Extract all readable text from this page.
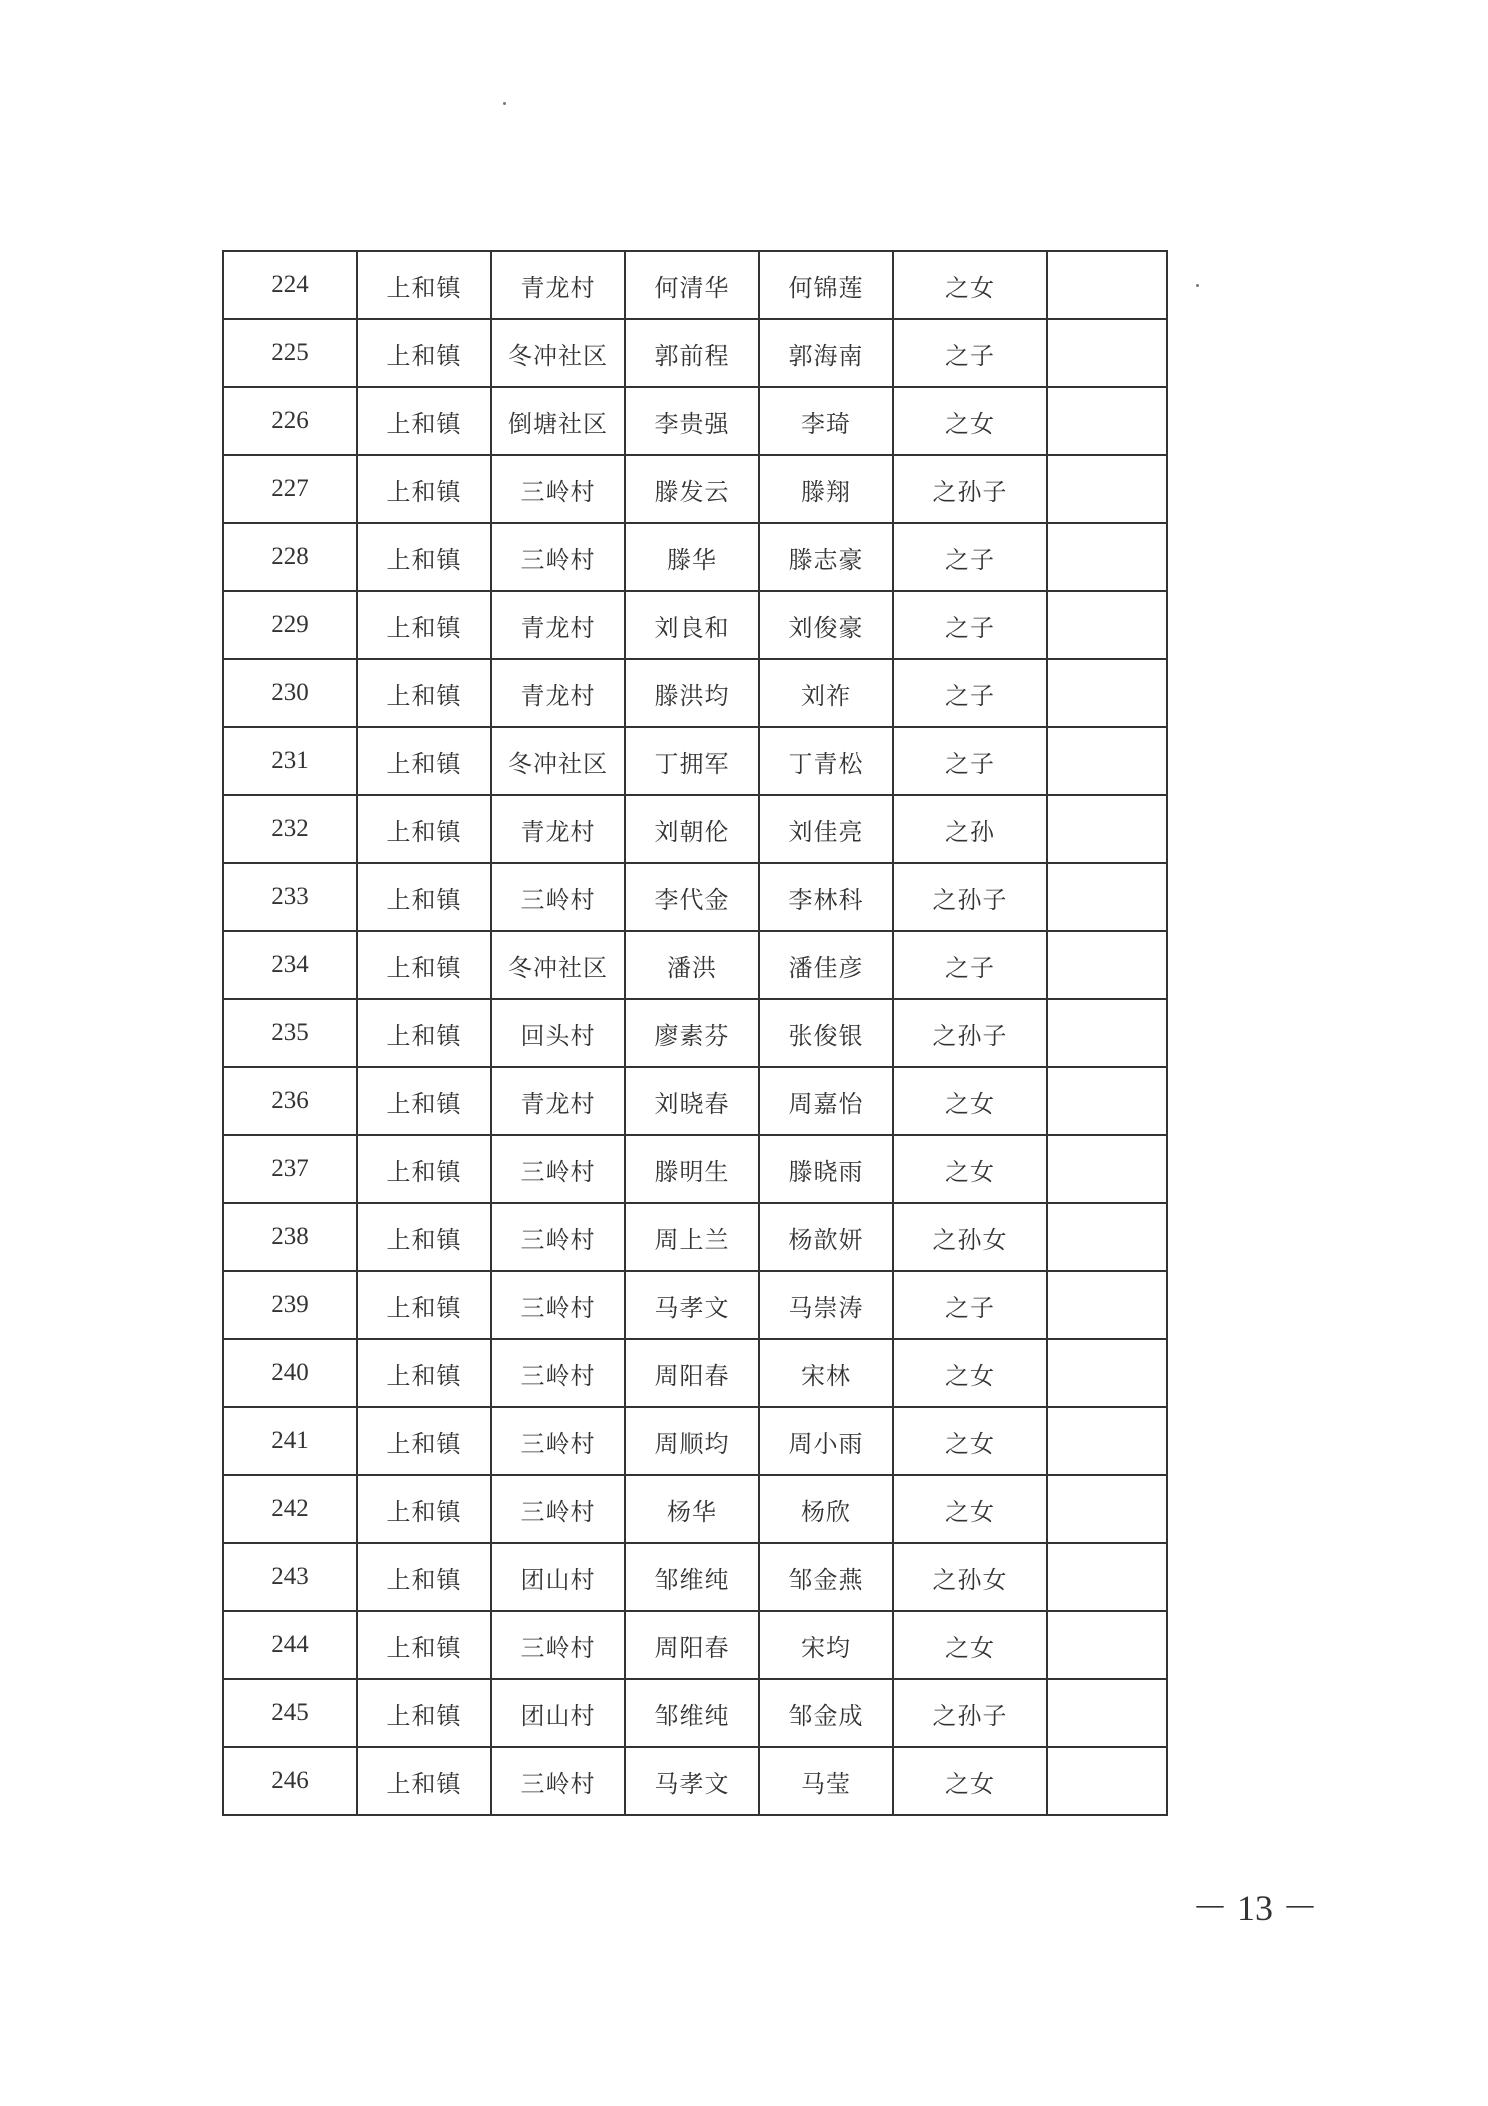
224	上和镇	青龙村	何清华	何锦莲	之女	
225	上和镇	冬冲社区	郭前程	郭海南	之子	
226	上和镇	倒塘社区	李贵强	李琦	之女	
227	上和镇	三岭村	滕发云	滕翔	之孙子	
228	上和镇	三岭村	滕华	滕志豪	之子	
229	上和镇	青龙村	刘良和	刘俊豪	之子	
230	上和镇	青龙村	滕洪均	刘祚	之子	
231	上和镇	冬冲社区	丁拥军	丁青松	之子	
232	上和镇	青龙村	刘朝伦	刘佳亮	之孙	
233	上和镇	三岭村	李代金	李林科	之孙子	
234	上和镇	冬冲社区	潘洪	潘佳彦	之子	
235	上和镇	回头村	廖素芬	张俊银	之孙子	
236	上和镇	青龙村	刘晓春	周嘉怡	之女	
237	上和镇	三岭村	滕明生	滕晓雨	之女	
238	上和镇	三岭村	周上兰	杨歆妍	之孙女	
239	上和镇	三岭村	马孝文	马崇涛	之子	
240	上和镇	三岭村	周阳春	宋林	之女	
241	上和镇	三岭村	周顺均	周小雨	之女	
242	上和镇	三岭村	杨华	杨欣	之女	
243	上和镇	团山村	邹维纯	邹金燕	之孙女	
244	上和镇	三岭村	周阳春	宋均	之女	
245	上和镇	团山村	邹维纯	邹金成	之孙子	
246	上和镇	三岭村	马孝文	马莹	之女	
－ 13 －
